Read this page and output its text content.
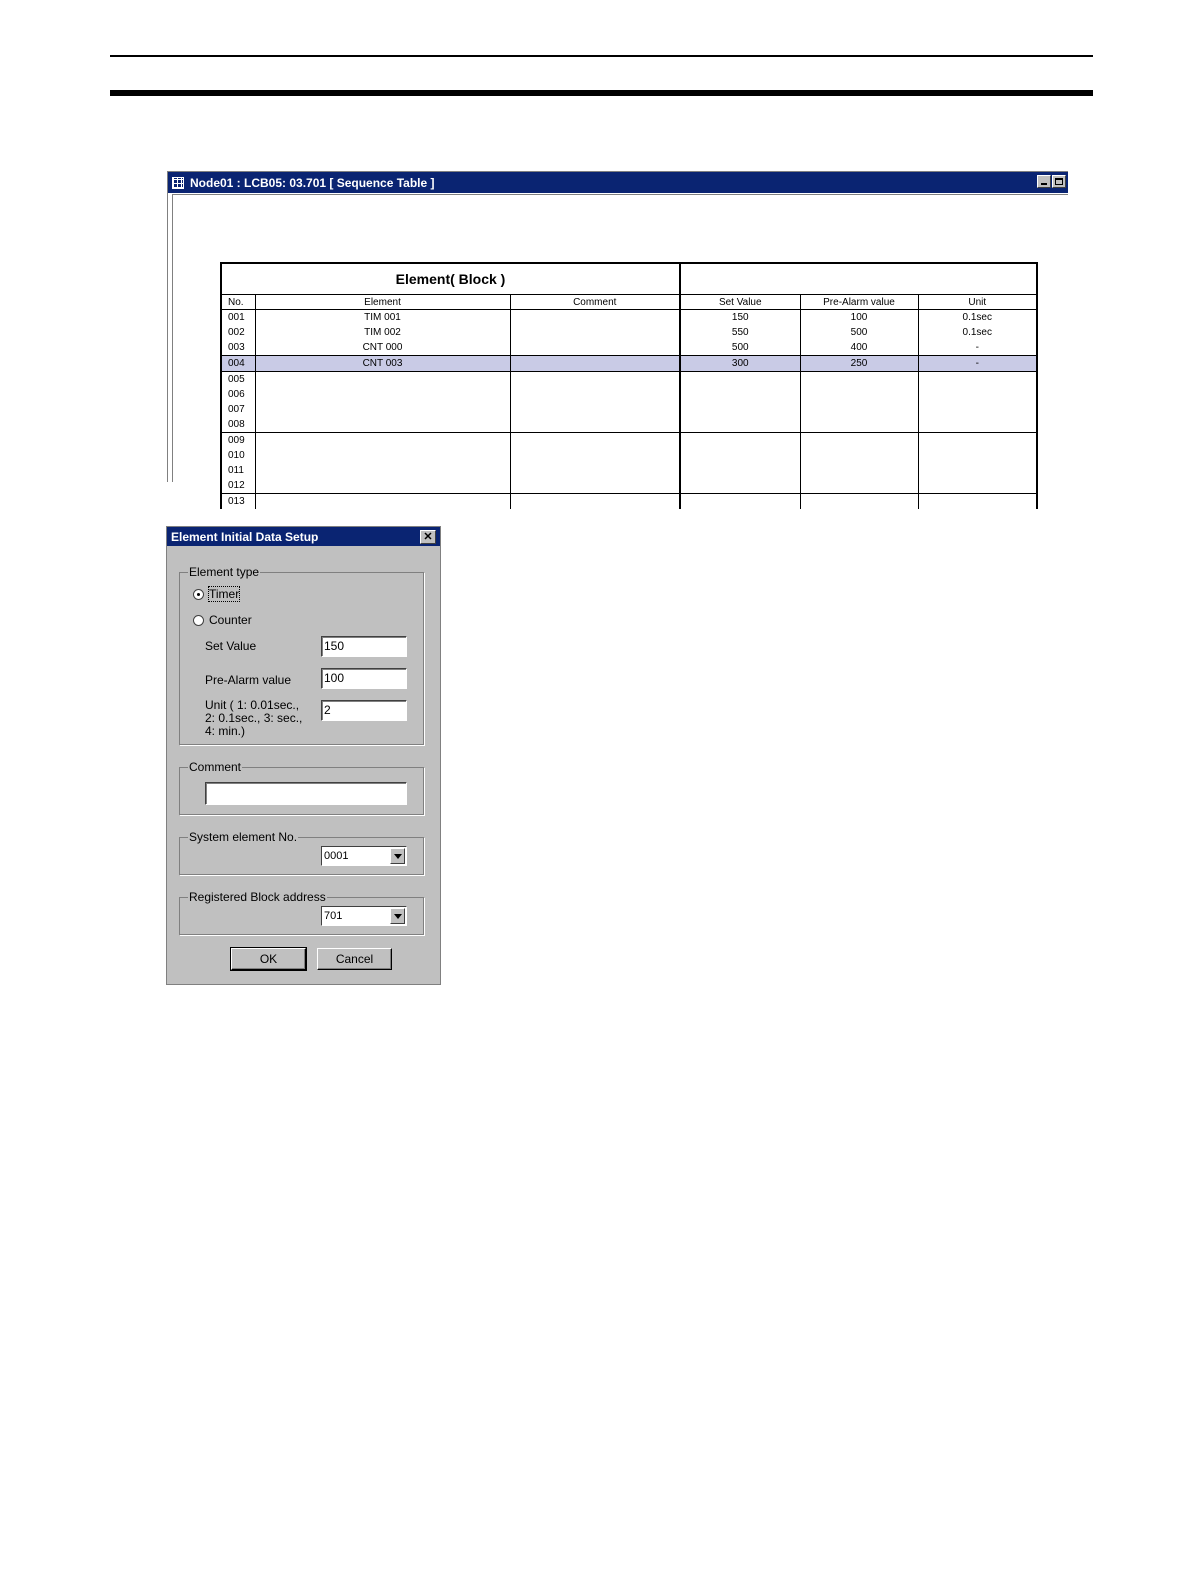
Node01 : LCB05: 03.701 [ Sequence Table ]
Element( Block )					
No.	Element	Comment	Set Value	Pre-Alarm value	Unit
001	TIM 001		150	100	0.1sec
002	TIM 002		550	500	0.1sec
003	CNT 000		500	400	-
004	CNT 003		300	250	-
005					
006					
007					
008					
009					
010					
011					
012					
013					
Element Initial Data Setup	✕
Element type
Timer
Counter
Set Value	150
Pre-Alarm value	100
Unit ( 1: 0.01sec., 2: 0.1sec., 3: sec., 4: min.)
2
Comment
System element No.
0001
Registered Block address
701
OK	Cancel
